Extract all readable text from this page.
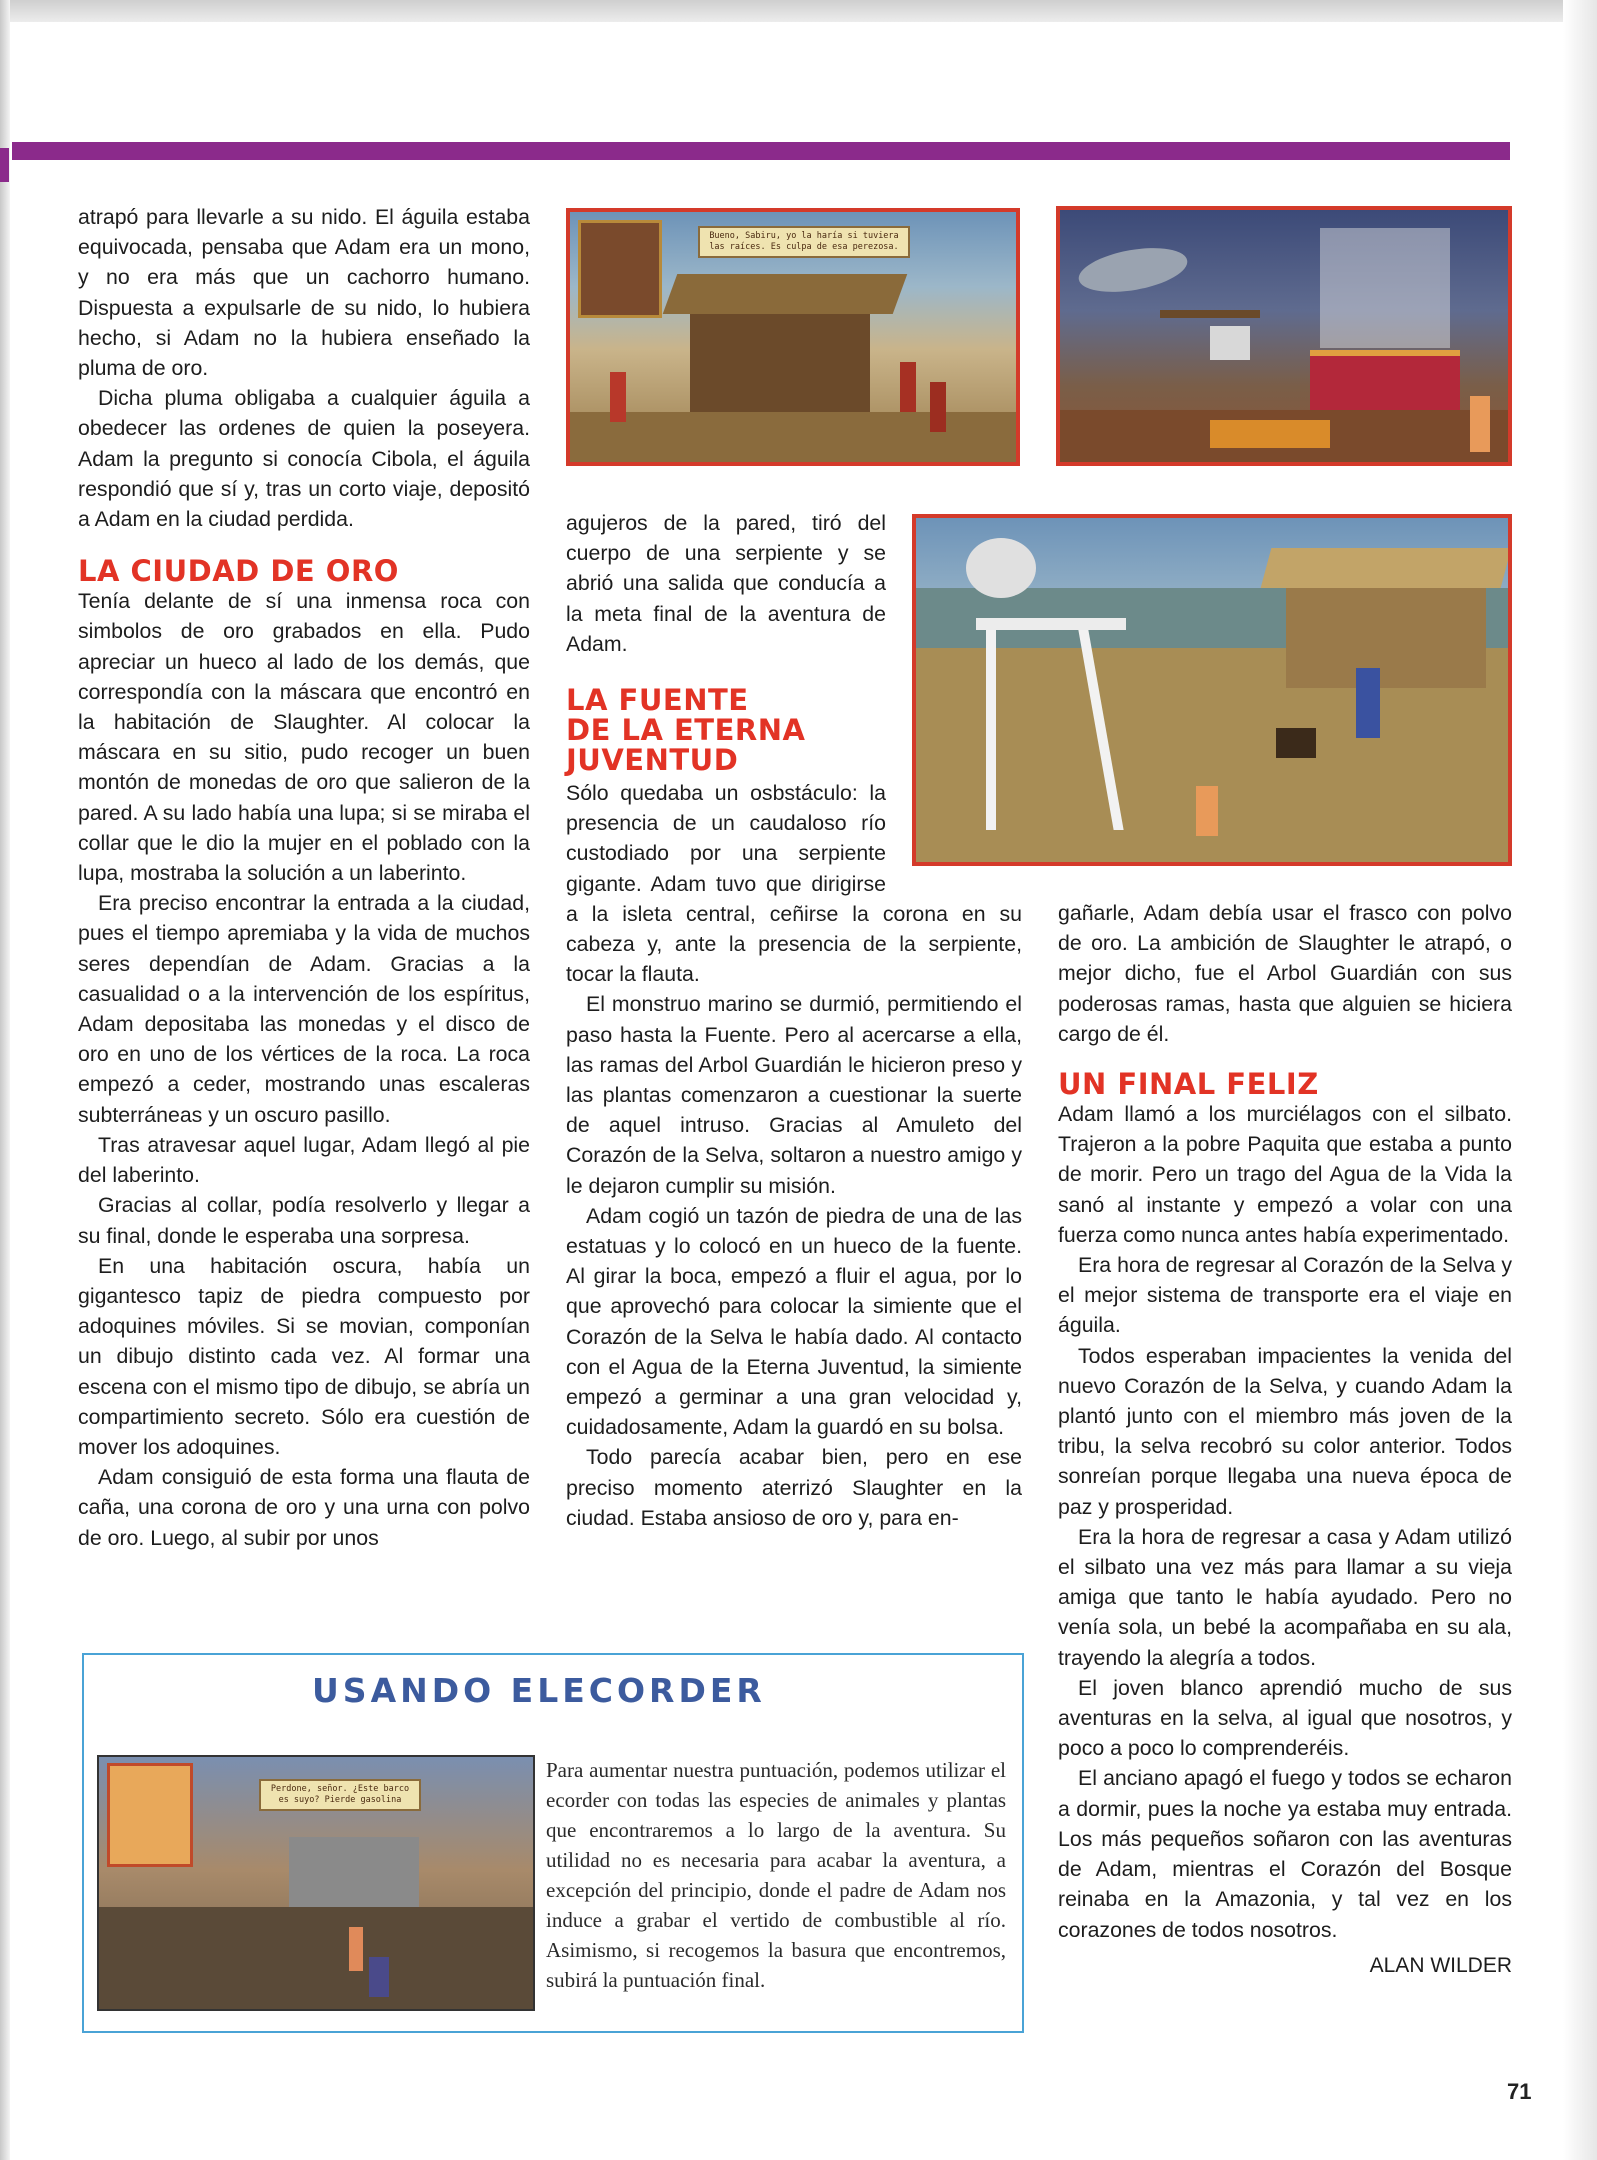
atrapó para llevarle a su nido. El águila estaba equivocada, pensaba que Adam era un mono, y no era más que un cachorro humano. Dispuesta a expulsarle de su nido, lo hubiera hecho, si Adam no la hubiera enseñado la pluma de oro.

Dicha pluma obligaba a cualquier águila a obedecer las ordenes de quien la poseyera. Adam la pregunto si conocía Cibola, el águila respondió que sí y, tras un corto viaje, depositó a Adam en la ciudad perdida.

LA CIUDAD DE ORO

Tenía delante de sí una inmensa roca con simbolos de oro grabados en ella. Pudo apreciar un hueco al lado de los demás, que correspondía con la máscara que encontró en la habitación de Slaughter. Al colocar la máscara en su sitio, pudo recoger un buen montón de monedas de oro que salieron de la pared. A su lado había una lupa; si se miraba el collar que le dio la mujer en el poblado con la lupa, mostraba la solución a un laberinto.

Era preciso encontrar la entrada a la ciudad, pues el tiempo apremiaba y la vida de muchos seres dependían de Adam. Gracias a la casualidad o a la intervención de los espíritus, Adam depositaba las monedas y el disco de oro en uno de los vértices de la roca. La roca empezó a ceder, mostrando unas escaleras subterráneas y un oscuro pasillo.

Tras atravesar aquel lugar, Adam llegó al pie del laberinto.

Gracias al collar, podía resolverlo y llegar a su final, donde le esperaba una sorpresa.

En una habitación oscura, había un gigantesco tapiz de piedra compuesto por adoquines móviles. Si se movian, componían un dibujo distinto cada vez. Al formar una escena con el mismo tipo de dibujo, se abría un compartimiento secreto. Sólo era cuestión de mover los adoquines.

Adam consiguió de esta forma una flauta de caña, una corona de oro y una urna con polvo de oro. Luego, al subir por unos

agujeros de la pared, tiró del cuerpo de una serpiente y se abrió una salida que conducía a la meta final de la aventura de Adam.

LA FUENTE
DE LA ETERNA
JUVENTUD

Sólo quedaba un osbstáculo: la presencia de un caudaloso río custodiado por una serpiente gigante. Adam tuvo que dirigirse a la isleta central, ceñirse la corona en su cabeza y, ante la presencia de la serpiente, tocar la flauta.

El monstruo marino se durmió, permitiendo el paso hasta la Fuente. Pero al acercarse a ella, las ramas del Arbol Guardián le hicieron preso y las plantas comenzaron a cuestionar la suerte de aquel intruso. Gracias al Amuleto del Corazón de la Selva, soltaron a nuestro amigo y le dejaron cumplir su misión.

Adam cogió un tazón de piedra de una de las estatuas y lo colocó en un hueco de la fuente. Al girar la boca, empezó a fluir el agua, por lo que aprovechó para colocar la simiente que el Corazón de la Selva le había dado. Al contacto con el Agua de la Eterna Juventud, la simiente empezó a germinar a una gran velocidad y, cuidadosamente, Adam la guardó en su bolsa.

Todo parecía acabar bien, pero en ese preciso momento aterrizó Slaughter en la ciudad. Estaba ansioso de oro y, para en-

gañarle, Adam debía usar el frasco con polvo de oro. La ambición de Slaughter le atrapó, o mejor dicho, fue el Arbol Guardián con sus poderosas ramas, hasta que alguien se hiciera cargo de él.

UN FINAL FELIZ

Adam llamó a los murciélagos con el silbato. Trajeron a la pobre Paquita que estaba a punto de morir. Pero un trago del Agua de la Vida la sanó al instante y empezó a volar con una fuerza como nunca antes había experimentado.

Era hora de regresar al Corazón de la Selva y el mejor sistema de transporte era el viaje en águila.

Todos esperaban impacientes la venida del nuevo Corazón de la Selva, y cuando Adam la plantó junto con el miembro más joven de la tribu, la selva recobró su color anterior. Todos sonreían porque llegaba una nueva época de paz y prosperidad.

Era la hora de regresar a casa y Adam utilizó el silbato una vez más para llamar a su vieja amiga que tanto le había ayudado. Pero no venía sola, un bebé la acompañaba en su ala, trayendo la alegría a todos.

El joven blanco aprendió mucho de sus aventuras en la selva, al igual que nosotros, y poco a poco lo comprenderéis.

El anciano apagó el fuego y todos se echaron a dormir, pues la noche ya estaba muy entrada. Los más pequeños soñaron con las aventuras de Adam, mientras el Corazón del Bosque reinaba en la Amazonia, y tal vez en los corazones de todos nosotros.

ALAN WILDER

Bueno, Sabiru, yo la haría si tuviera las raíces. Es culpa de esa perezosa.
USANDO ELECORDER
Perdone, señor. ¿Este barco es suyo? Pierde gasolina
Para aumentar nuestra puntuación, podemos utilizar el ecorder con todas las especies de animales y plantas que encontraremos a lo largo de la aventura. Su utilidad no es necesaria para acabar la aventura, a excepción del principio, donde el padre de Adam nos induce a grabar el vertido de combustible al río. Asimismo, si recogemos la basura que encontremos, subirá la puntuación final.
71
